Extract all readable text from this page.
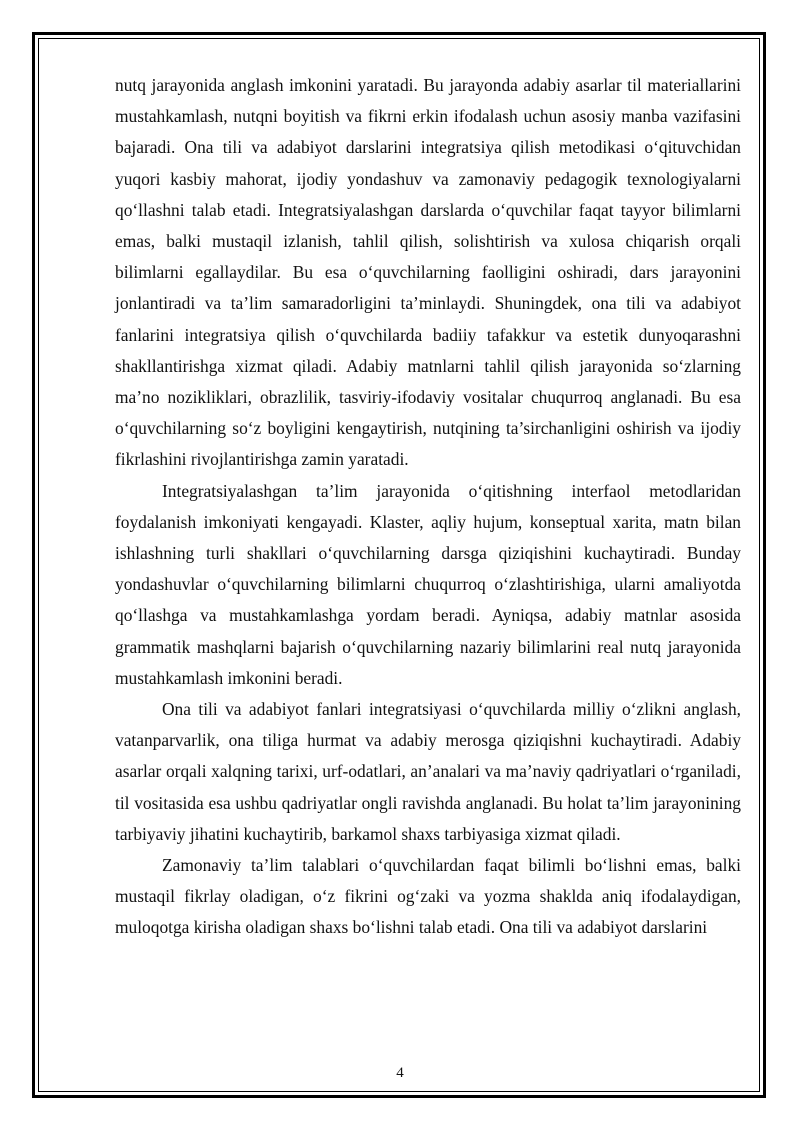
nutq jarayonida anglash imkonini yaratadi. Bu jarayonda adabiy asarlar til materiallarini mustahkamlash, nutqni boyitish va fikrni erkin ifodalash uchun asosiy manba vazifasini bajaradi. Ona tili va adabiyot darslarini integratsiya qilish metodikasi o‘qituvchidan yuqori kasbiy mahorat, ijodiy yondashuv va zamonaviy pedagogik texnologiyalarni qo‘llashni talab etadi. Integratsiyalashgan darslarda o‘quvchilar faqat tayyor bilimlarni emas, balki mustaqil izlanish, tahlil qilish, solishtirish va xulosa chiqarish orqali bilimlarni egallaydilar. Bu esa o‘quvchilarning faolligini oshiradi, dars jarayonini jonlantiradi va ta’lim samaradorligini ta’minlaydi. Shuningdek, ona tili va adabiyot fanlarini integratsiya qilish o‘quvchilarda badiiy tafakkur va estetik dunyoqarashni shakllantirishga xizmat qiladi. Adabiy matnlarni tahlil qilish jarayonida so‘zlarning ma’no nozikliklari, obrazlilik, tasviriy-ifodaviy vositalar chuqurroq anglanadi. Bu esa o‘quvchilarning so‘z boyligini kengaytirish, nutqining ta’sirchanligini oshirish va ijodiy fikrlashini rivojlantirishga zamin yaratadi.

Integratsiyalashgan ta’lim jarayonida o‘qitishning interfaol metodlaridan foydalanish imkoniyati kengayadi. Klaster, aqliy hujum, konseptual xarita, matn bilan ishlashning turli shakllari o‘quvchilarning darsga qiziqishini kuchaytiradi. Bunday yondashuvlar o‘quvchilarning bilimlarni chuqurroq o‘zlashtirishiga, ularni amaliyotda qo‘llashga va mustahkamlashga yordam beradi. Ayniqsa, adabiy matnlar asosida grammatik mashqlarni bajarish o‘quvchilarning nazariy bilimlarini real nutq jarayonida mustahkamlash imkonini beradi.

Ona tili va adabiyot fanlari integratsiyasi o‘quvchilarda milliy o‘zlikni anglash, vatanparvarlik, ona tiliga hurmat va adabiy merosga qiziqishni kuchaytiradi. Adabiy asarlar orqali xalqning tarixi, urf-odatlari, an’analari va ma’naviy qadriyatlari o‘rganiladi, til vositasida esa ushbu qadriyatlar ongli ravishda anglanadi. Bu holat ta’lim jarayonining tarbiyaviy jihatini kuchaytirib, barkamol shaxs tarbiyasiga xizmat qiladi.

Zamonaviy ta’lim talablari o‘quvchilardan faqat bilimli bo‘lishni emas, balki mustaqil fikrlay oladigan, o‘z fikrini og‘zaki va yozma shaklda aniq ifodalaydigan, muloqotga kirisha oladigan shaxs bo‘lishni talab etadi. Ona tili va adabiyot darslarini

4
